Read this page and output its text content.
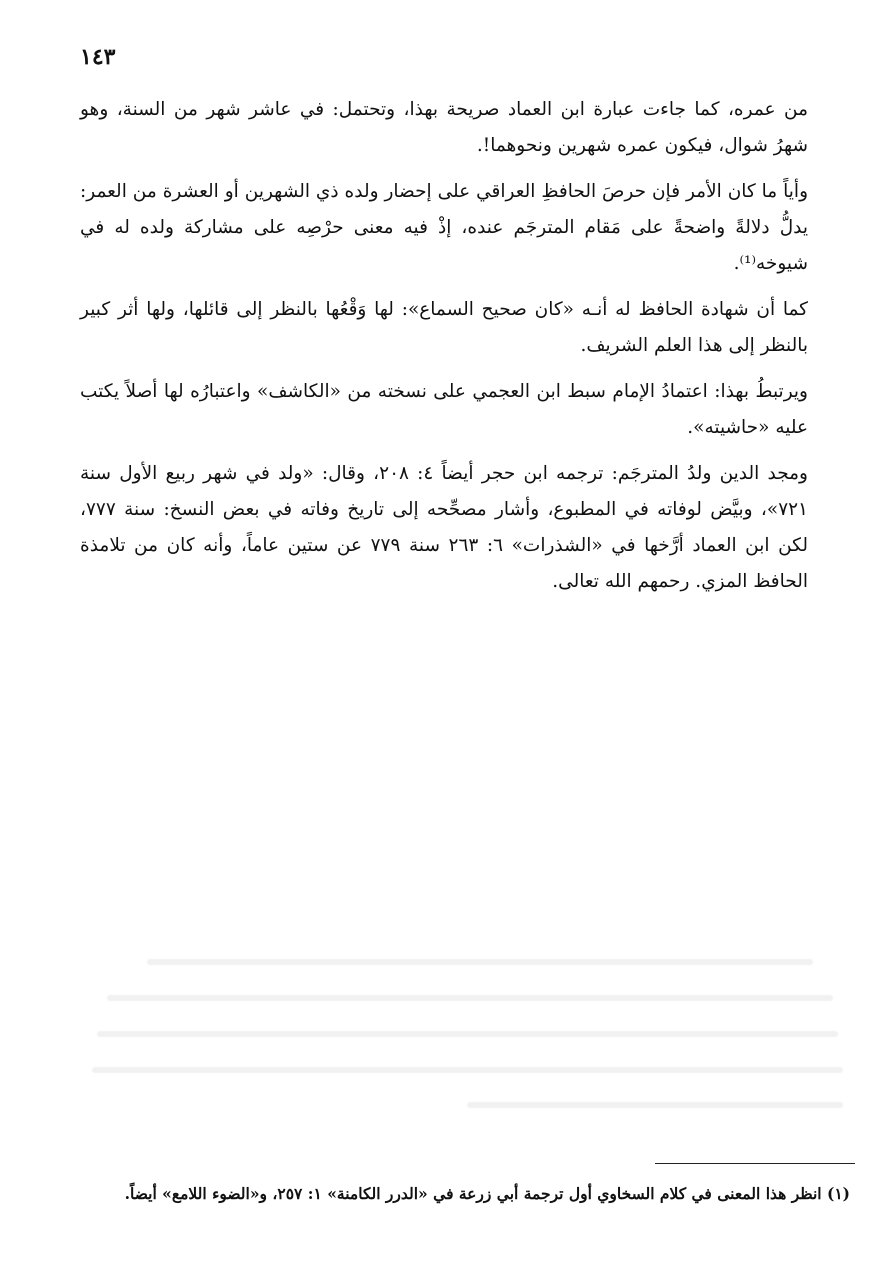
١٤٣

من عمره، كما جاءت عبارة ابن العماد صريحة بهذا، وتحتمل: في عاشر شهر من السنة، وهو شهرُ شوال، فيكون عمره شهرين ونحوهما!.

وأياً ما كان الأمر فإن حرصَ الحافظِ العراقي على إحضار ولده ذي الشهرين أو العشرة من العمر: يدلُّ دلالةً واضحةً على مَقام المترجَم عنده، إذْ فيه معنى حرْصِه على مشاركة ولده له في شيوخه⁽¹⁾.

كما أن شهادة الحافظ له أنـه «كان صحيح السماع»: لها وَقْعُها بالنظر إلى قائلها، ولها أثر كبير بالنظر إلى هذا العلم الشريف.

ويرتبطُ بهذا: اعتمادُ الإمام سبط ابن العجمي على نسخته من «الكاشف» واعتبارُه لها أصلاً يكتب عليه «حاشيته».

ومجد الدين ولدُ المترجَم: ترجمه ابن حجر أيضاً ٤: ٢٠٨، وقال: «ولد في شهر ربيع الأول سنة ٧٢١»، وبيَّض لوفاته في المطبوع، وأشار مصحِّحه إلى تاريخ وفاته في بعض النسخ: سنة ٧٧٧، لكن ابن العماد أرَّخها في «الشذرات» ٦: ٢٦٣ سنة ٧٧٩ عن ستين عاماً، وأنه كان من تلامذة الحافظ المزي. رحمهم الله تعالى.

(١) انظر هذا المعنى في كلام السخاوي أول ترجمة أبي زرعة في «الدرر الكامنة» ١: ٢٥٧، و«الضوء اللامع» أيضاً.
